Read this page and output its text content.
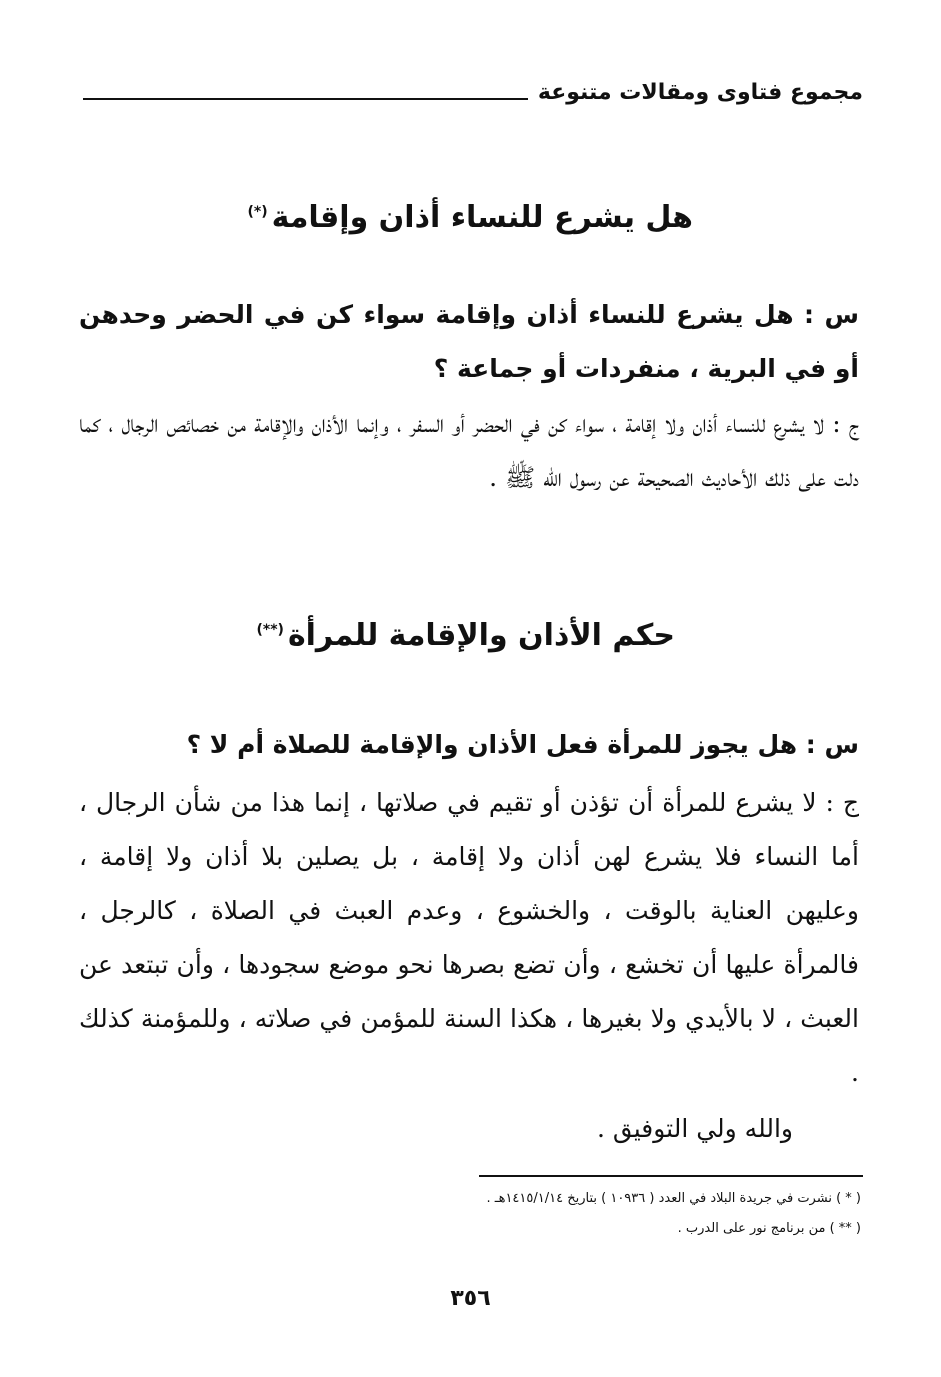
مجموع فتاوى ومقالات متنوعة
هل يشرع للنساء أذان وإقامة(*)
س : هل يشرع للنساء أذان وإقامة سواء كن في الحضر وحدهن أو في البرية ، منفردات أو جماعة ؟
ج : لا يشرع للنساء أذان ولا إقامة ، سواء كن في الحضر أو السفر ، وإنما الأذان والإقامة من خصائص الرجال ، كما دلت على ذلك الأحاديث الصحيحة عن رسول الله ﷺ .
حكم الأذان والإقامة للمرأة(**)
س : هل يجوز للمرأة فعل الأذان والإقامة للصلاة أم لا ؟
ج : لا يشرع للمرأة أن تؤذن أو تقيم في صلاتها ، إنما هذا من شأن الرجال ، أما النساء فلا يشرع لهن أذان ولا إقامة ، بل يصلين بلا أذان ولا إقامة ، وعليهن العناية بالوقت ، والخشوع ، وعدم العبث في الصلاة ، كالرجل ، فالمرأة عليها أن تخشع ، وأن تضع بصرها نحو موضع سجودها ، وأن تبتعد عن العبث ، لا بالأيدي ولا بغيرها ، هكذا السنة للمؤمن في صلاته ، وللمؤمنة كذلك .
والله ولي التوفيق .
( * ) نشرت في جريدة البلاد في العدد ( ١٠٩٣٦ ) بتاريخ ١٤١٥/١/١٤هـ .
( ** ) من برنامج نور على الدرب .
٣٥٦
